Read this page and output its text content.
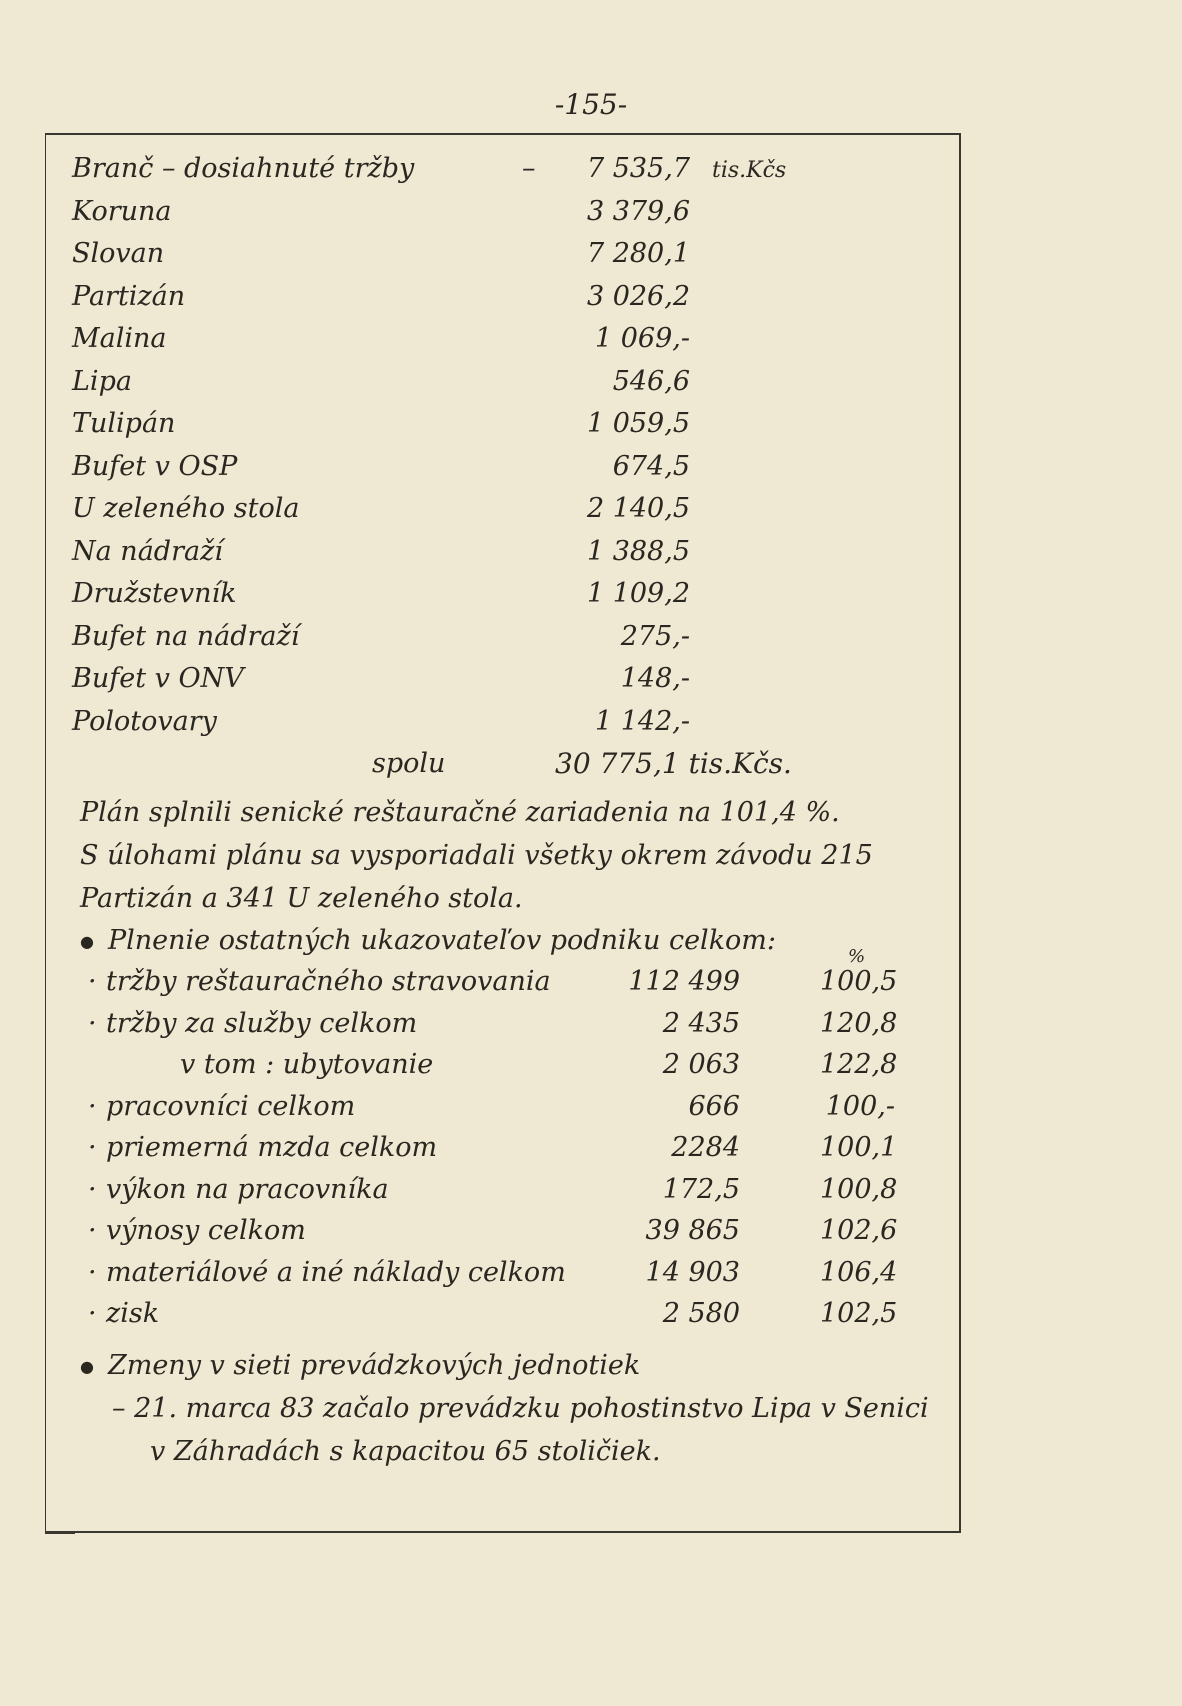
-155-
Branč – dosiahnuté tržby	–	7 535,7
Koruna	3 379,6
Slovan	7 280,1
Partizán	3 026,2
Malina	1 069,-
Lipa	546,6
Tulipán	1 059,5
Bufet v OSP	674,5
U zeleného stola	2 140,5
Na nádraží	1 388,5
Družstevník	1 109,2
Bufet na nádraží	275,-
Bufet v ONV	148,-
Polotovary	1 142,-
tis.Kčs
spolu	30 775,1 tis.Kčs.
Plán splnili senické reštauračné zariadenia na 101,4 %.
S úlohami plánu sa vysporiadali všetky okrem závodu 215
Partizán a 341 U zeleného stola.
● Plnenie ostatných ukazovateľov podniku celkom:
%
· tržby reštauračného stravovania	112 499	100,5
· tržby za služby celkom	2 435	120,8
v tom : ubytovanie	2 063	122,8
· pracovníci celkom	666	100,-
· priemerná mzda celkom	2284	100,1
· výkon na pracovníka	172,5	100,8
· výnosy celkom	39 865	102,6
· materiálové a iné náklady celkom	14 903	106,4
· zisk	2 580	102,5
● Zmeny v sieti prevádzkových jednotiek
– 21. marca 83 začalo prevádzku pohostinstvo Lipa v Senici
v Záhradách s kapacitou 65 stoličiek.
